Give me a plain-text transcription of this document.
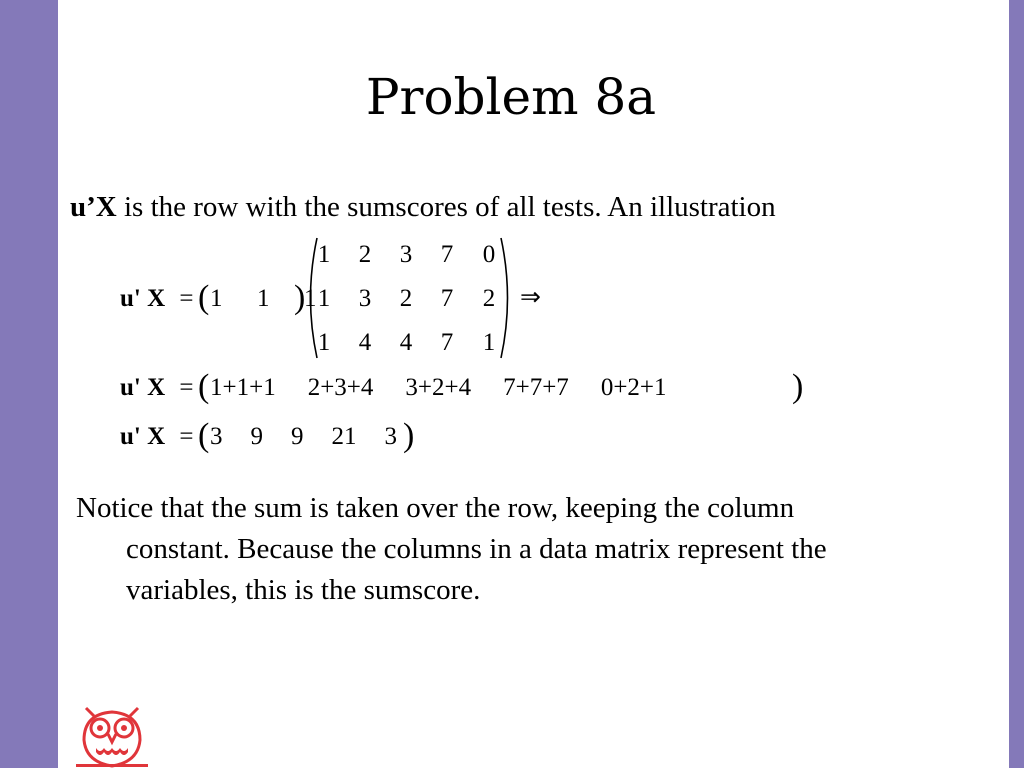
Problem 8a
u’X is the row with the sumscores of all tests. An illustration
u' X = ( 1 1 1
)
1	2	3	7	0
1	3	2	7	2
1	4	4	7	1
⇒
u' X = ( 1+1+1 2+3+4 3+2+4 7+7+7 0+2+1	)
u' X = ( 3 9 9 21 3 )
Notice that the sum is taken over the row, keeping the column
constant. Because the columns in a data matrix represent the
variables, this is the sumscore.
